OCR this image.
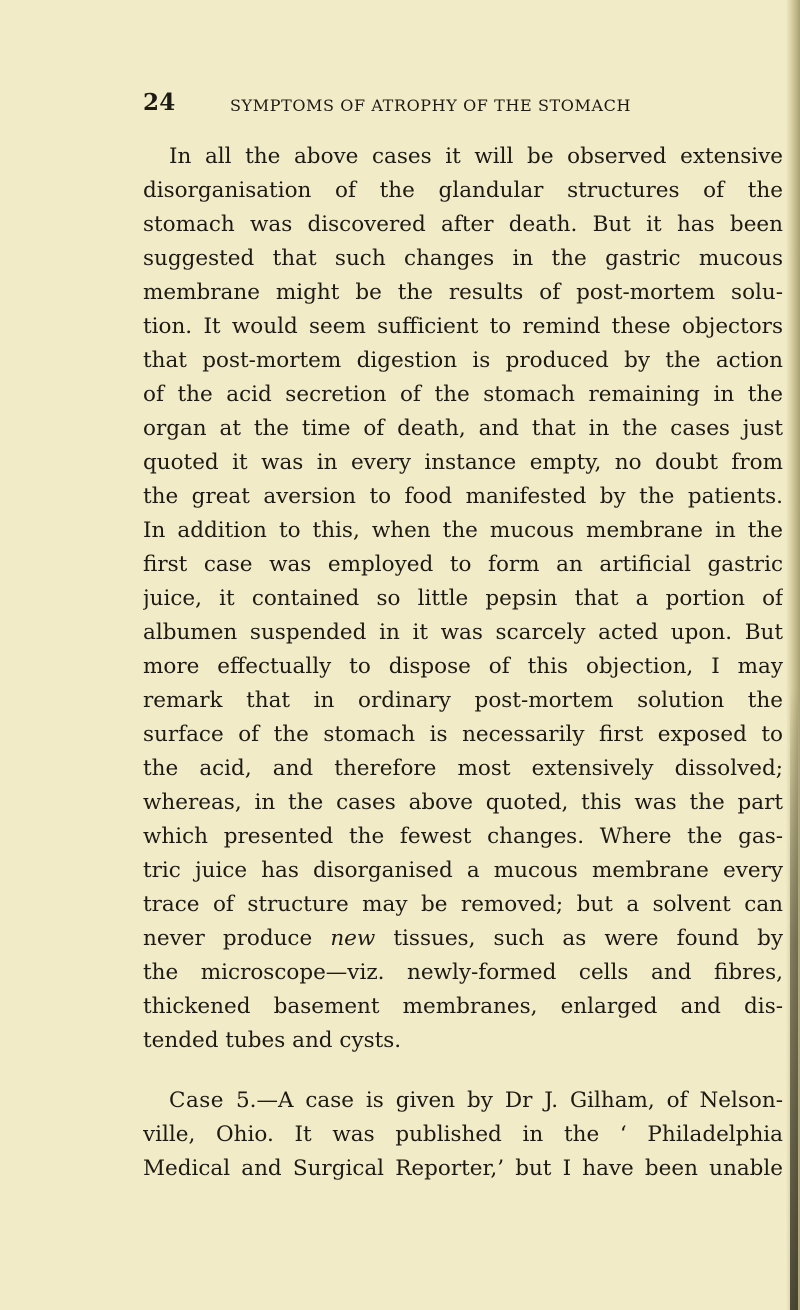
24	SYMPTOMS OF ATROPHY OF THE STOMACH
In all the above cases it will be observed extensive
disorganisation of the glandular structures of the
stomach was discovered after death. But it has been
suggested that such changes in the gastric mucous
membrane might be the results of post-mortem solu-
tion. It would seem sufficient to remind these objectors
that post-mortem digestion is produced by the action
of the acid secretion of the stomach remaining in the
organ at the time of death, and that in the cases just
quoted it was in every instance empty, no doubt from
the great aversion to food manifested by the patients.
In addition to this, when the mucous membrane in the
first case was employed to form an artificial gastric
juice, it contained so little pepsin that a portion of
albumen suspended in it was scarcely acted upon. But
more effectually to dispose of this objection, I may
remark that in ordinary post-mortem solution the
surface of the stomach is necessarily first exposed to
the acid, and therefore most extensively dissolved;
whereas, in the cases above quoted, this was the part
which presented the fewest changes. Where the gas-
tric juice has disorganised a mucous membrane every
trace of structure may be removed; but a solvent can
never produce new tissues, such as were found by
the microscope—viz. newly-formed cells and fibres,
thickened basement membranes, enlarged and dis-
tended tubes and cysts.
Case 5.—A case is given by Dr J. Gilham, of Nelson-
ville, Ohio. It was published in the ‘ Philadelphia
Medical and Surgical Reporter,’ but I have been unable
